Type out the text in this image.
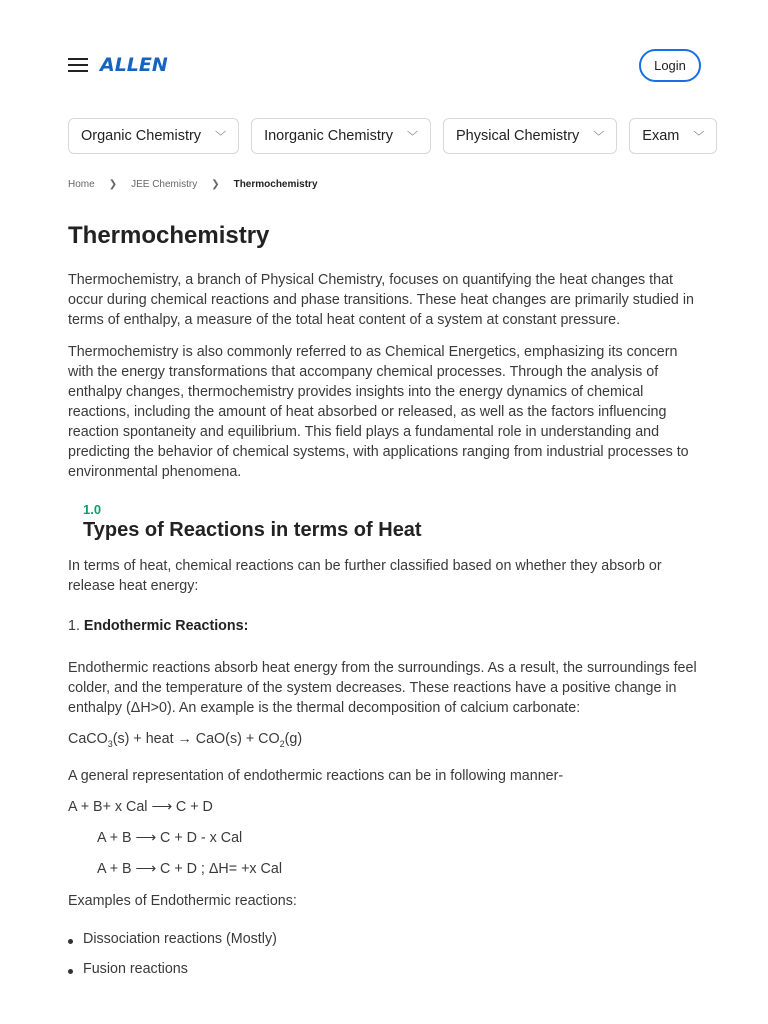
ALLEN	Login
Organic Chemistry ﹀	Inorganic Chemistry ﹀	Physical Chemistry ﹀	Exam ﹀
Home ❯ JEE Chemistry ❯ Thermochemistry
Thermochemistry

Thermochemistry, a branch of Physical Chemistry, focuses on quantifying the heat changes that occur during chemical reactions and phase transitions. These heat changes are primarily studied in terms of enthalpy, a measure of the total heat content of a system at constant pressure.

Thermochemistry is also commonly referred to as Chemical Energetics, emphasizing its concern with the energy transformations that accompany chemical processes. Through the analysis of enthalpy changes, thermochemistry provides insights into the energy dynamics of chemical reactions, including the amount of heat absorbed or released, as well as the factors influencing reaction spontaneity and equilibrium. This field plays a fundamental role in understanding and predicting the behavior of chemical systems, with applications ranging from industrial processes to environmental phenomena.

1.0
Types of Reactions in terms of Heat

In terms of heat, chemical reactions can be further classified based on whether they absorb or release heat energy:

1. Endothermic Reactions:

Endothermic reactions absorb heat energy from the surroundings. As a result, the surroundings feel colder, and the temperature of the system decreases. These reactions have a positive change in enthalpy (ΔH>0). An example is the thermal decomposition of calcium carbonate:

CaCO$_3$(s) + heat → $CaO(s) + CO_2(g)$

A general representation of endothermic reactions can be in following manner-

A + B+ x Cal ⟶ C + D
A + B ⟶ C + D - x Cal
A + B ⟶ C + D ; ΔH= +x Cal

Examples of Endothermic reactions:

Dissociation reactions (Mostly)
Fusion reactions
